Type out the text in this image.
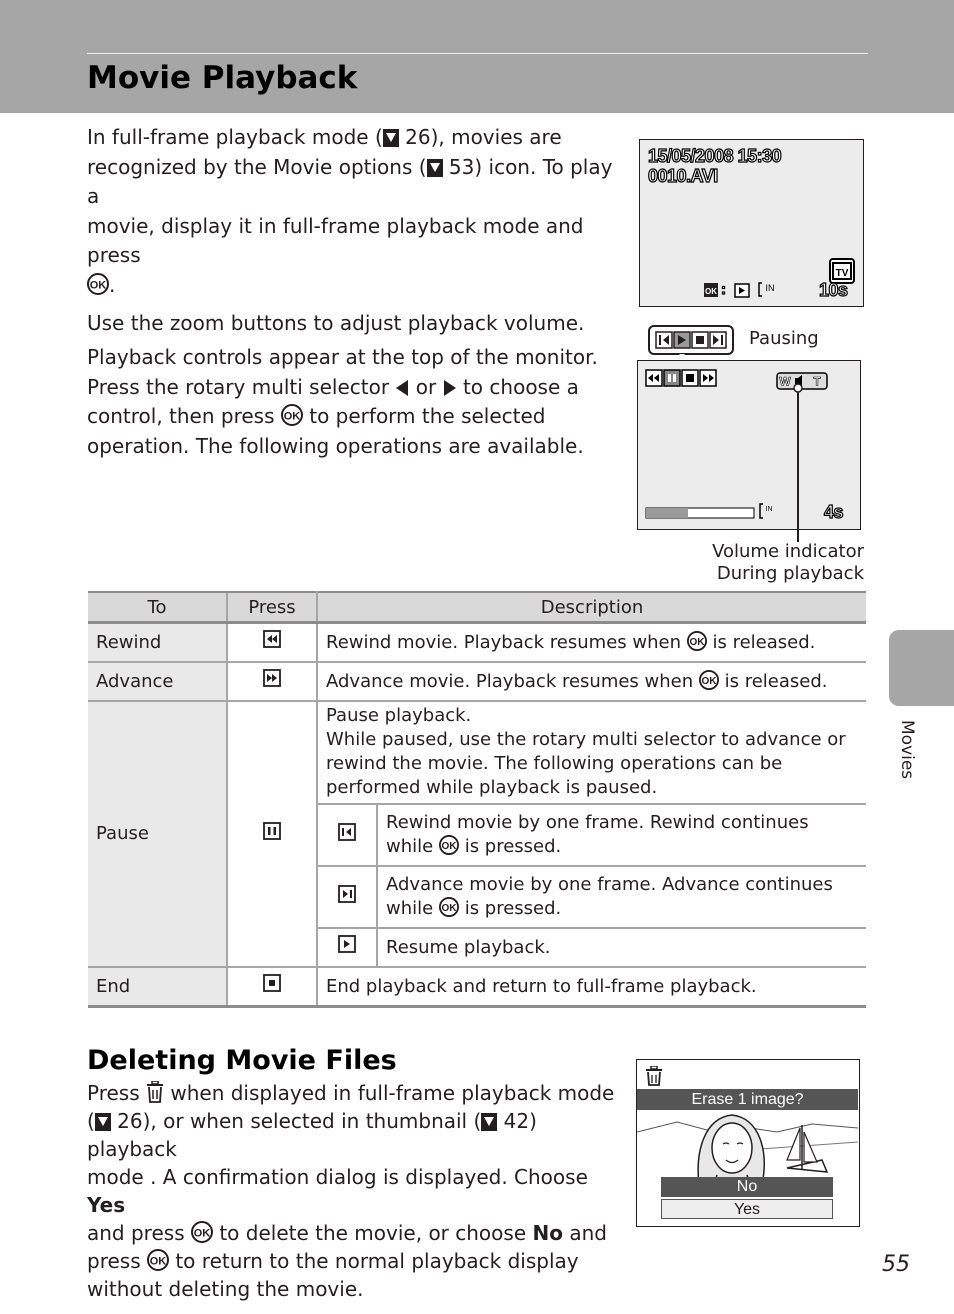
Movie Playback

In full-frame playback mode ( 26), movies are
recognized by the Movie options ( 53) icon. To play a
movie, display it in full-frame playback mode and press

OK .

Use the zoom buttons to adjust playback volume.

Playback controls appear at the top of the monitor.
Press the rotary multi selector or to choose a
control, then press OK to perform the selected
operation. The following operations are available.

15/05/2008 15:30
0010.AVI
TV
OK :	IN 10s
Pausing
W T
IN	4s
Volume indicator
During playback
To	Press	Description	
Rewind		Rewind movie. Playback resumes when OK is released.	
Advance		Advance movie. Playback resumes when OK is released.	
Pause		Pause playback.
While paused, use the rotary multi selector to advance or rewind the movie. The following operations can be performed while playback is paused.	
	Rewind movie by one frame. Rewind continues while OK is pressed.
	Advance movie by one frame. Advance continues while OK is pressed.
	Resume playback.
End		End playback and return to full-frame playback.	
Deleting Movie Files

Press when displayed in full-frame playback mode
( 26), or when selected in thumbnail ( 42) playback
mode . A confirmation dialog is displayed. Choose Yes
and press OK to delete the movie, or choose No and
press OK to return to the normal playback display
without deleting the movie.

Erase 1 image?
No
Yes
Movies
55
